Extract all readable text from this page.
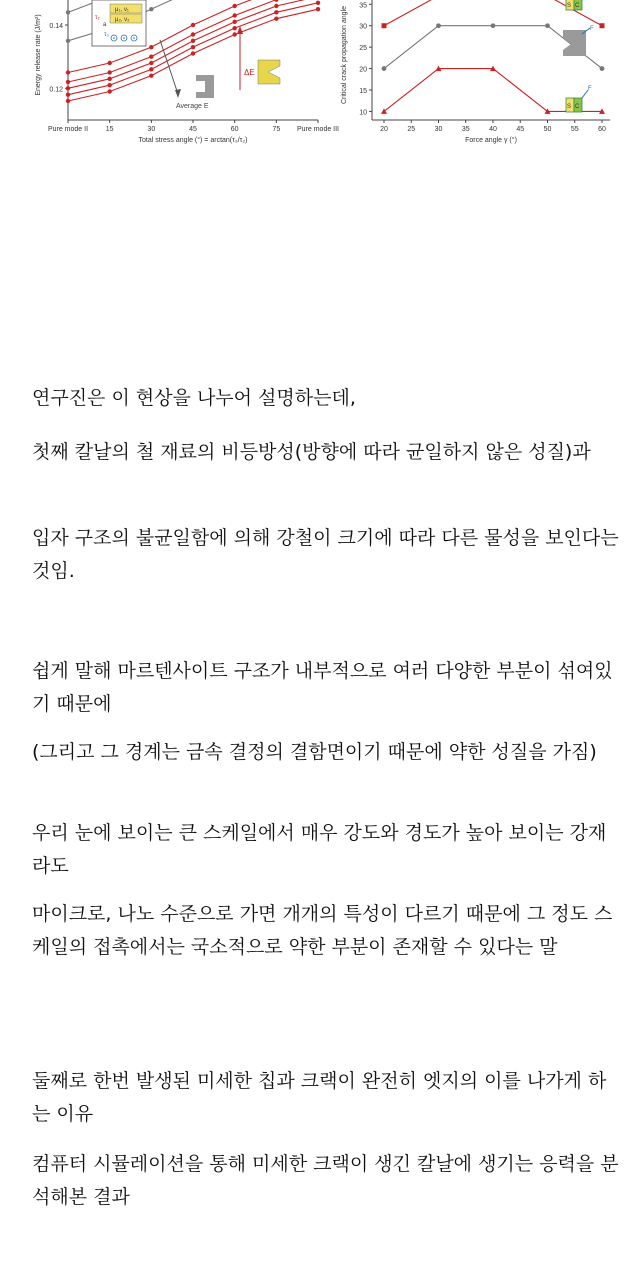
0.12
0.14
Pure mode II	15	30	45	60	75 Pure mode III
Total stress angle (°) = arctan(τ₃/τ₂)
Energy release rate (J/m²)
μ₁, ν₁
μ₂, ν₂
τ₂
τ₃
a
Average E
ΔE
10
15
20
25
30
35
20	25	30	35	40	45	50	55	60
Force angle γ (°)
Critical crack propagation angle	S C
F
S C
F

연구진은 이 현상을 나누어 설명하는데,

첫째 칼날의 철 재료의 비등방성(방향에 따라 균일하지 않은 성질)과

입자 구조의 불균일함에 의해 강철이 크기에 따라 다른 물성을 보인다는 것임.

쉽게 말해 마르텐사이트 구조가 내부적으로 여러 다양한 부분이 섞여있기 때문에

(그리고 그 경계는 금속 결정의 결함면이기 때문에 약한 성질을 가짐)

우리 눈에 보이는 큰 스케일에서 매우 강도와 경도가 높아 보이는 강재라도

마이크로, 나노 수준으로 가면 개개의 특성이 다르기 때문에 그 정도 스케일의 접촉에서는 국소적으로 약한 부분이 존재할 수 있다는 말

둘째로 한번 발생된 미세한 칩과 크랙이 완전히 엣지의 이를 나가게 하는 이유

컴퓨터 시뮬레이션을 통해 미세한 크랙이 생긴 칼날에 생기는 응력을 분석해본 결과
